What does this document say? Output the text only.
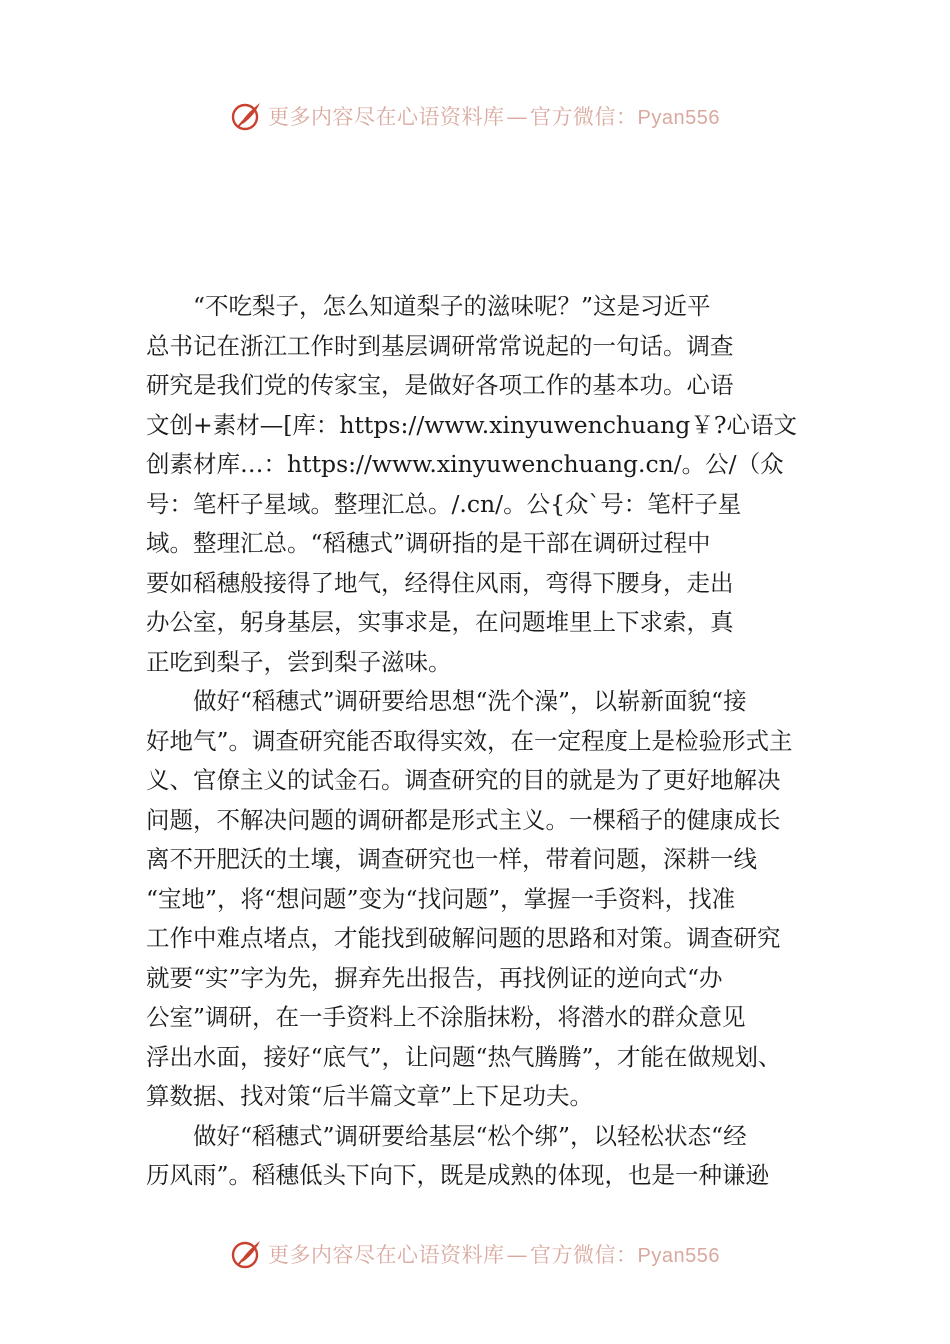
更多内容尽在心语资料库—官方微信：Pyan556
“不吃梨子，怎么知道梨子的滋味呢？”这是习近平
总书记在浙江工作时到基层调研常常说起的一句话。调查
研究是我们党的传家宝，是做好各项工作的基本功。心语
文创+素材—[库：https://www.xinyuwenchuang￥?心语文
创素材库…：https://www.xinyuwenchuang.cn/。公/（众
号：笔杆子星域。整理汇总。/.cn/。公{众`号：笔杆子星
域。整理汇总。“稻穗式”调研指的是干部在调研过程中
要如稻穗般接得了地气，经得住风雨，弯得下腰身，走出
办公室，躬身基层，实事求是，在问题堆里上下求索，真
正吃到梨子，尝到梨子滋味。
做好“稻穗式”调研要给思想“洗个澡”，以崭新面貌“接
好地气”。调查研究能否取得实效，在一定程度上是检验形式主
义、官僚主义的试金石。调查研究的目的就是为了更好地解决
问题，不解决问题的调研都是形式主义。一棵稻子的健康成长
离不开肥沃的土壤，调查研究也一样，带着问题，深耕一线
“宝地”，将“想问题”变为“找问题”，掌握一手资料，找准
工作中难点堵点，才能找到破解问题的思路和对策。调查研究
就要“实”字为先，摒弃先出报告，再找例证的逆向式“办
公室”调研，在一手资料上不涂脂抹粉，将潜水的群众意见
浮出水面，接好“底气”，让问题“热气腾腾”，才能在做规划、
算数据、找对策“后半篇文章”上下足功夫。
做好“稻穗式”调研要给基层“松个绑”，以轻松状态“经
历风雨”。稻穗低头下向下，既是成熟的体现，也是一种谦逊
更多内容尽在心语资料库—官方微信：Pyan556
